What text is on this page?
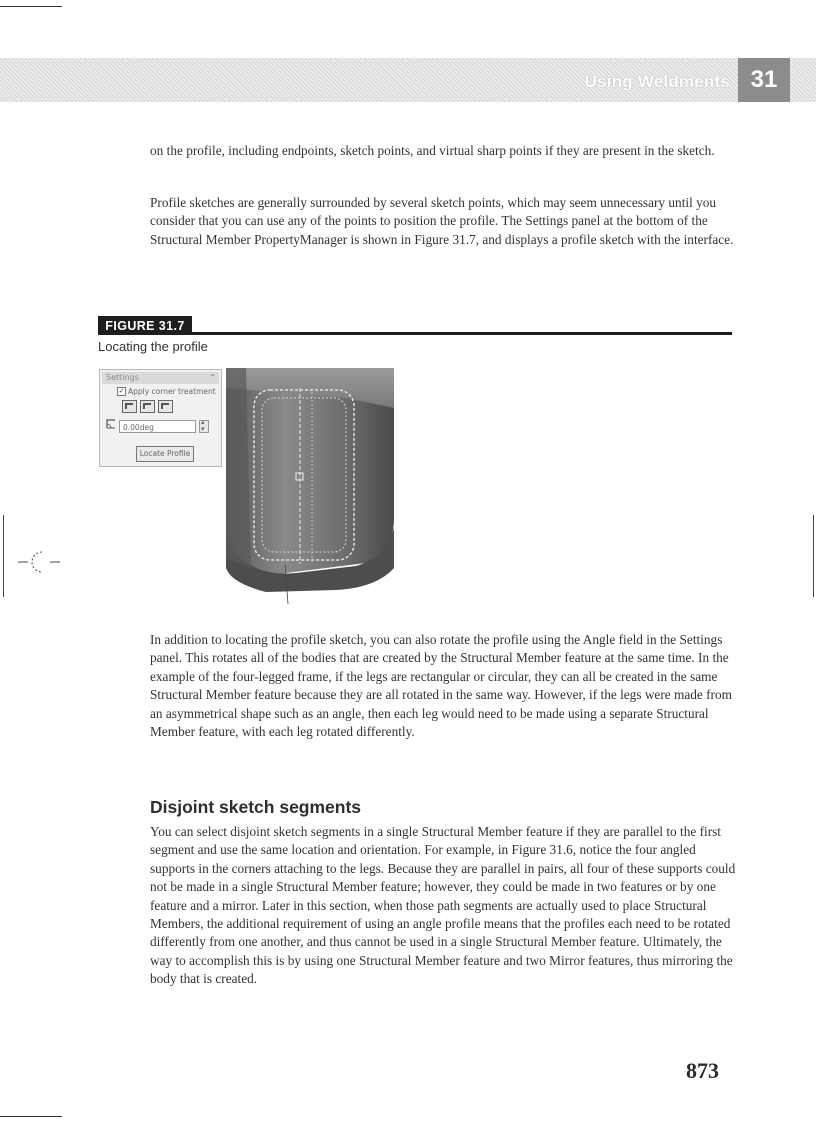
Using Weldments 31

on the profile, including endpoints, sketch points, and virtual sharp points if they are present in the sketch.

Profile sketches are generally surrounded by several sketch points, which may seem unnecessary until you consider that you can use any of the points to position the profile. The Settings panel at the bottom of the Structural Member PropertyManager is shown in Figure 31.7, and displays a profile sketch with the interface.

FIGURE 31.7
Locating the profile
Settings	⌃
✓ Apply corner treatment
0.00deg
▴ ▾
Locate Profile

In addition to locating the profile sketch, you can also rotate the profile using the Angle field in the Settings panel. This rotates all of the bodies that are created by the Structural Member feature at the same time. In the example of the four-legged frame, if the legs are rectangular or circular, they can all be created in the same Structural Member feature because they are all rotated in the same way. However, if the legs were made from an asymmetrical shape such as an angle, then each leg would need to be made using a separate Structural Member feature, with each leg rotated differently.

Disjoint sketch segments

You can select disjoint sketch segments in a single Structural Member feature if they are parallel to the first segment and use the same location and orientation. For example, in Figure 31.6, notice the four angled supports in the corners attaching to the legs. Because they are parallel in pairs, all four of these supports could not be made in a single Structural Member feature; however, they could be made in two features or by one feature and a mirror. Later in this section, when those path segments are actually used to place Structural Members, the additional requirement of using an angle profile means that the profiles each need to be rotated differently from one another, and thus cannot be used in a single Structural Member feature. Ultimately, the way to accomplish this is by using one Structural Member feature and two Mirror features, thus mirroring the body that is created.

873
